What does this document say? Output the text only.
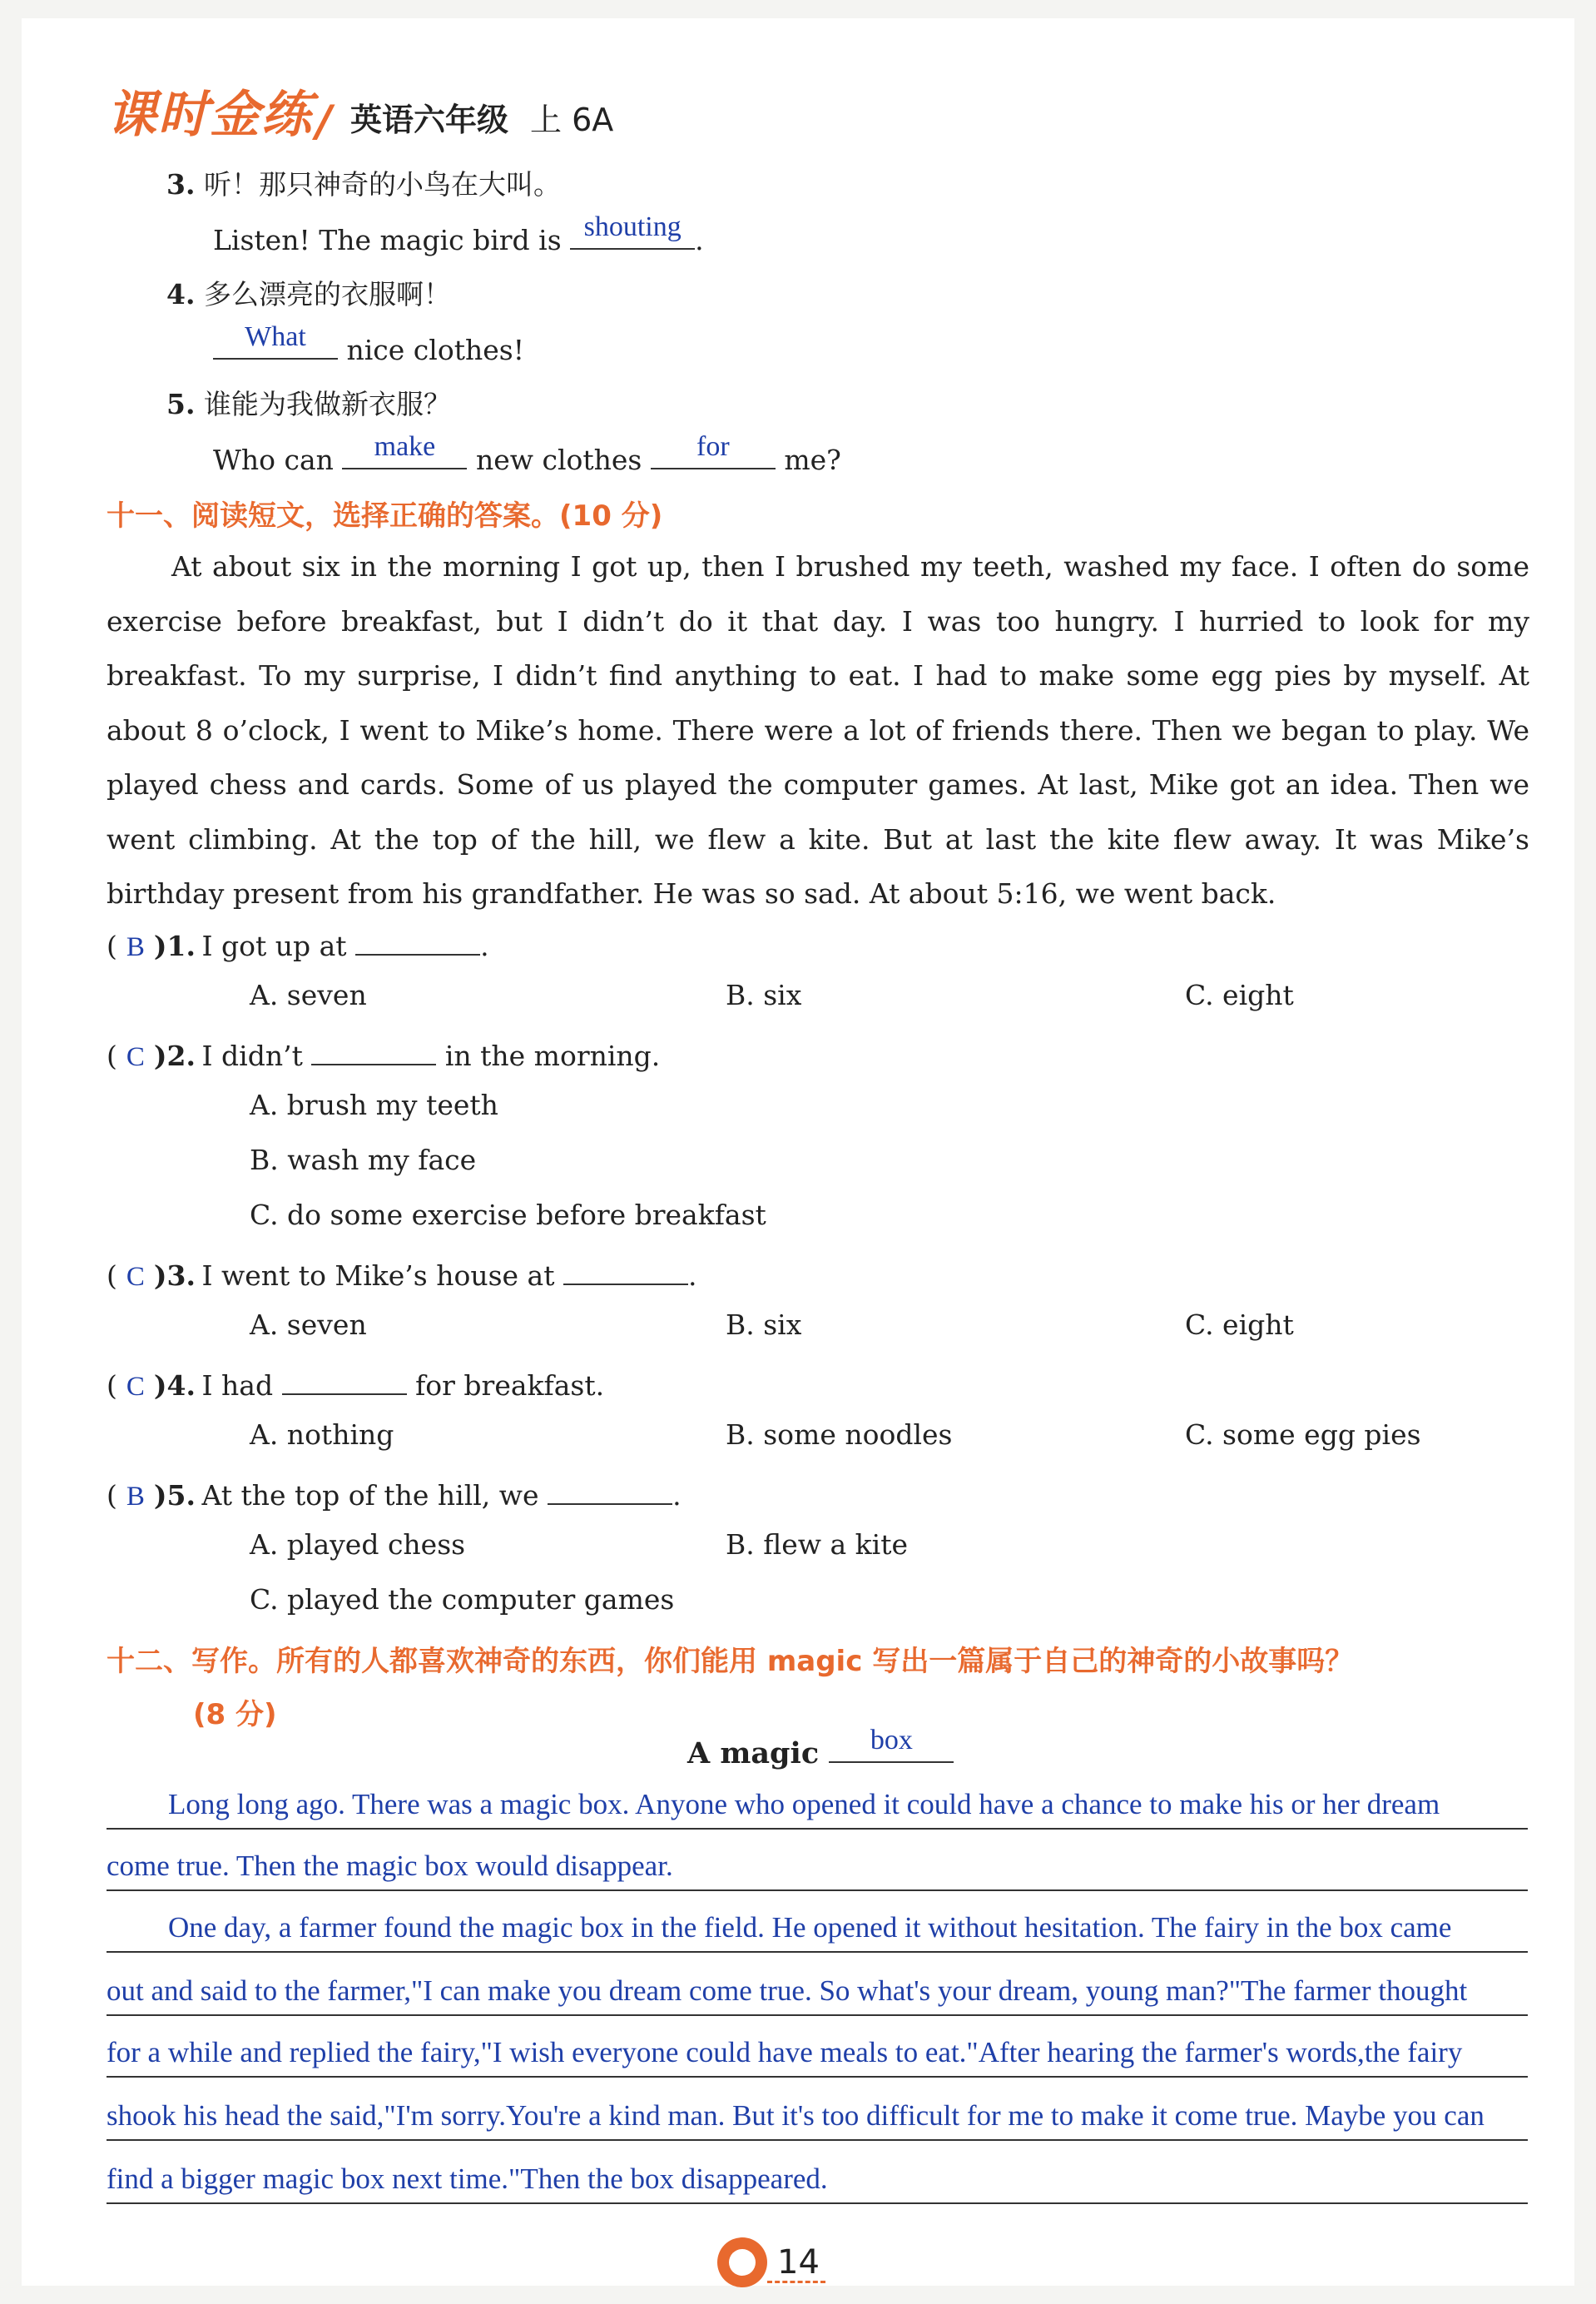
课时金练 / 英语六年级 上 6A
3. 听！那只神奇的小鸟在大叫。
Listen! The magic bird is shouting .
4. 多么漂亮的衣服啊！
What	nice clothes!
5. 谁能为我做新衣服？
Who can	make	new clothes	for	me?
十一、阅读短文，选择正确的答案。(10 分)

At about six in the morning I got up, then I brushed my teeth, washed my face. I often do some exercise before breakfast, but I didn’t do it that day. I was too hungry. I hurried to look for my breakfast. To my surprise, I didn’t find anything to eat. I had to make some egg pies by myself. At about 8 o’clock, I went to Mike’s home. There were a lot of friends there. Then we began to play. We played chess and cards. Some of us played the computer games. At last, Mike got an idea. Then we went climbing. At the top of the hill, we flew a kite. But at last the kite flew away. It was Mike’s birthday present from his grandfather. He was so sad. At about 5:16, we went back.

( B )1. I got up at	.
A. seven	B. six	C. eight
( C )2. I didn’t	in the morning.
A. brush my teeth
B. wash my face
C. do some exercise before breakfast
( C )3. I went to Mike’s house at	.
A. seven	B. six	C. eight
( C )4. I had	for breakfast.
A. nothing	B. some noodles	C. some egg pies
( B )5. At the top of the hill, we	.
A. played chess	B. flew a kite
C. played the computer games
十二、写作。所有的人都喜欢神奇的东西，你们能用 magic 写出一篇属于自己的神奇的小故事吗？
(8 分)
A magic	box
Long long ago. There was a magic box. Anyone who opened it could have a chance to make his or her dream
come true. Then the magic box would disappear.
One day, a farmer found the magic box in the field. He opened it without hesitation. The fairy in the box came
out and said to the farmer,"I can make you dream come true. So what's your dream, young man?"The farmer thought
for a while and replied the fairy,"I wish everyone could have meals to eat."After hearing the farmer's words,the fairy
shook his head the said,"I'm sorry.You're a kind man. But it's too difficult for me to make it come true. Maybe you can
find a bigger magic box next time."Then the box disappeared.
14
